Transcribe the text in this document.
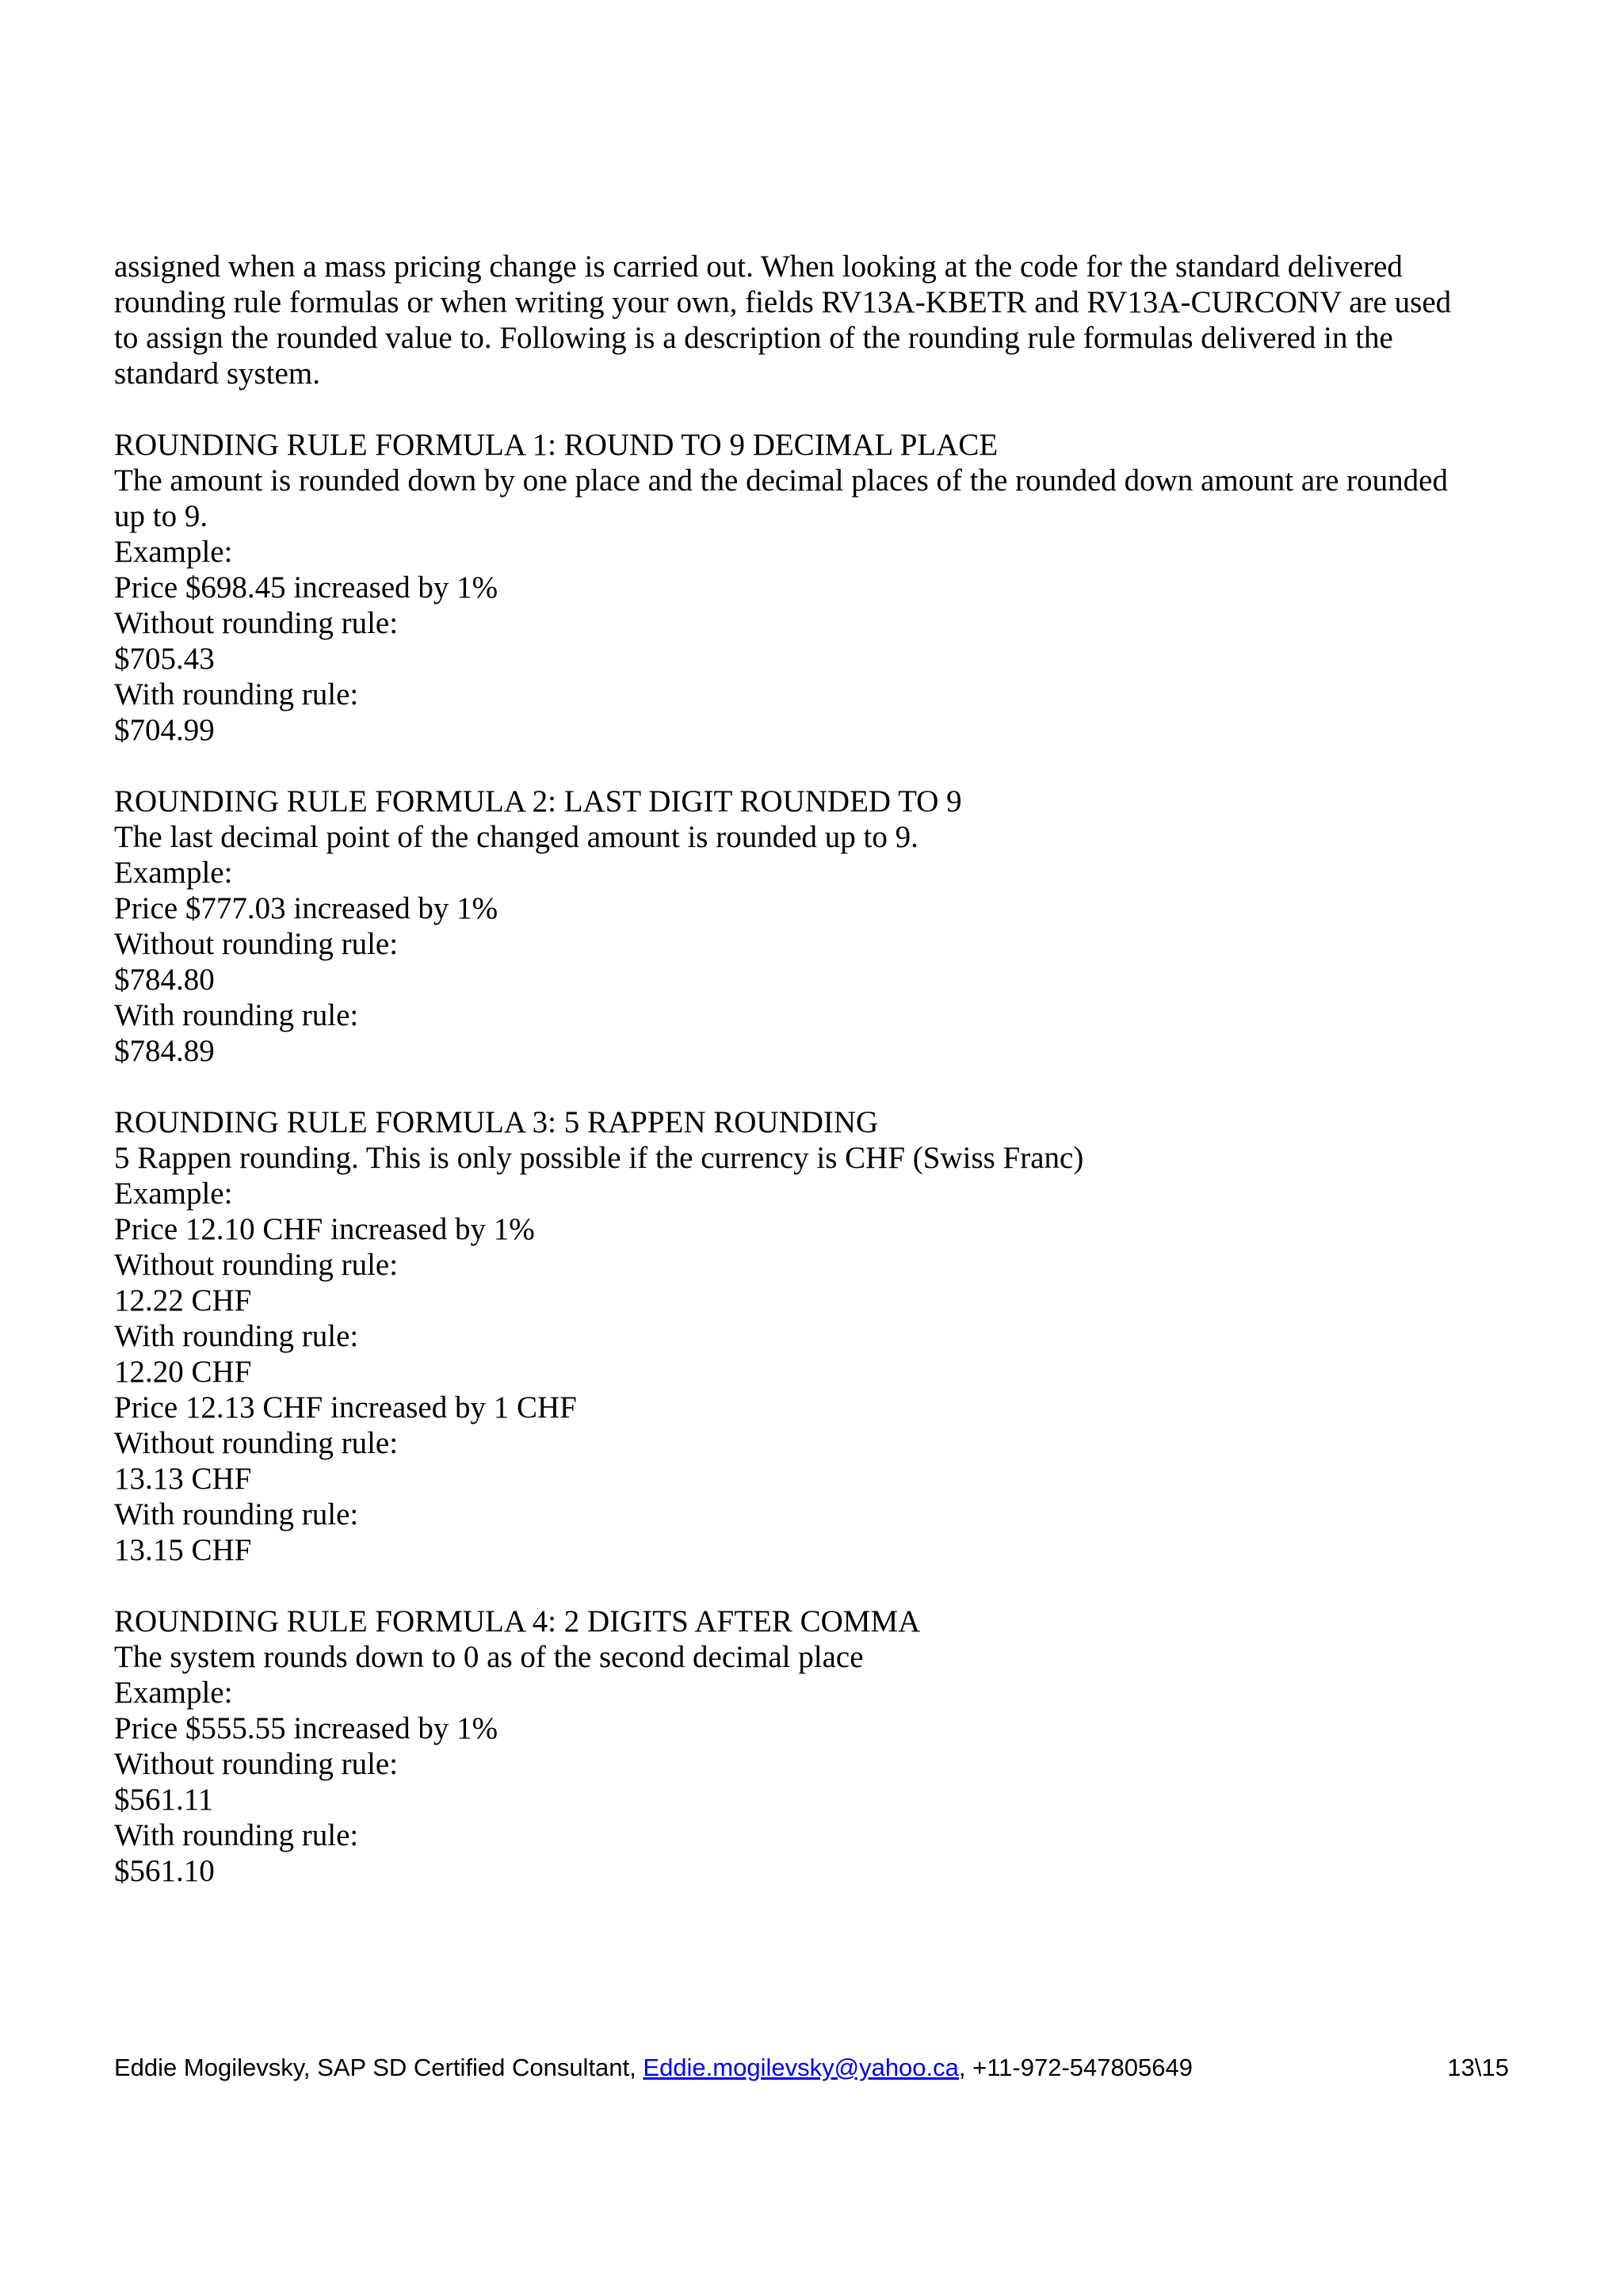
assigned when a mass pricing change is carried out. When looking at the code for the standard delivered
rounding rule formulas or when writing your own, fields RV13A-KBETR and RV13A-CURCONV are used
to assign the rounded value to. Following is a description of the rounding rule formulas delivered in the
standard system.
ROUNDING RULE FORMULA 1: ROUND TO 9 DECIMAL PLACE
The amount is rounded down by one place and the decimal places of the rounded down amount are rounded
up to 9.
Example:
Price $698.45 increased by 1%
Without rounding rule:
$705.43
With rounding rule:
$704.99
ROUNDING RULE FORMULA 2: LAST DIGIT ROUNDED TO 9
The last decimal point of the changed amount is rounded up to 9.
Example:
Price $777.03 increased by 1%
Without rounding rule:
$784.80
With rounding rule:
$784.89
ROUNDING RULE FORMULA 3: 5 RAPPEN ROUNDING
5 Rappen rounding. This is only possible if the currency is CHF (Swiss Franc)
Example:
Price 12.10 CHF increased by 1%
Without rounding rule:
12.22 CHF
With rounding rule:
12.20 CHF
Price 12.13 CHF increased by 1 CHF
Without rounding rule:
13.13 CHF
With rounding rule:
13.15 CHF
ROUNDING RULE FORMULA 4: 2 DIGITS AFTER COMMA
The system rounds down to 0 as of the second decimal place
Example:
Price $555.55 increased by 1%
Without rounding rule:
$561.11
With rounding rule:
$561.10
Eddie Mogilevsky, SAP SD Certified Consultant, Eddie.mogilevsky@yahoo.ca, +11-972-547805649	13\15
